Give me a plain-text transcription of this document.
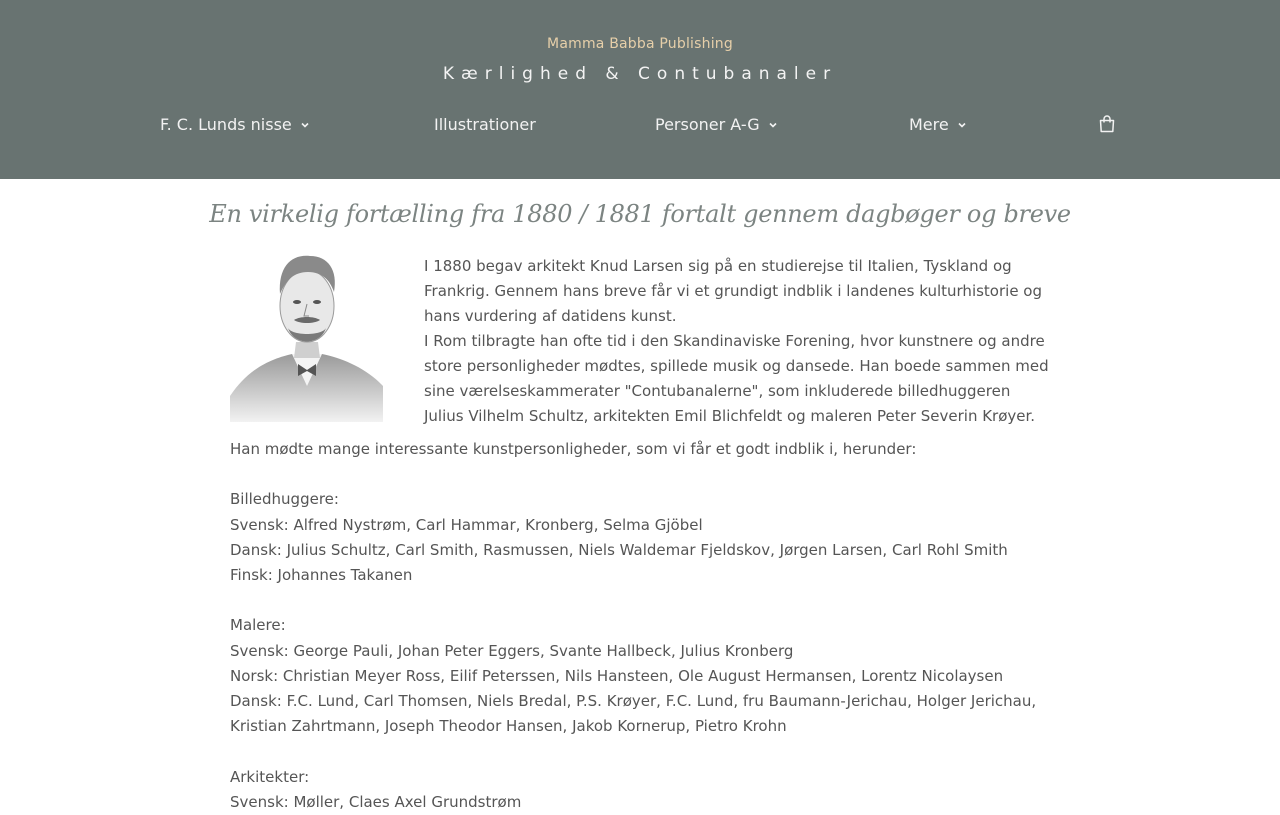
Mamma Babba Publishing
Kærlighed & Contubanaler
F. C. Lunds nisse	Illustrationer	Personer A-G	Mere
En virkelig fortælling fra 1880 / 1881 fortalt gennem dagbøger og breve

I 1880 begav arkitekt Knud Larsen sig på en studierejse til Italien, Tyskland og Frankrig. Gennem hans breve får vi et grundigt indblik i landenes kulturhistorie og hans vurdering af datidens kunst.

I Rom tilbragte han ofte tid i den Skandinaviske Forening, hvor kunstnere og andre store personligheder mødtes, spillede musik og dansede. Han boede sammen med sine værelseskammerater "Contubanalerne", som inkluderede billedhuggeren Julius Vilhelm Schultz, arkitekten Emil Blichfeldt og maleren Peter Severin Krøyer.

Han mødte mange interessante kunstpersonligheder, som vi får et godt indblik i, herunder:
Billedhuggere:
Svensk: Alfred Nystrøm, Carl Hammar, Kronberg, Selma Gjöbel
Dansk: Julius Schultz, Carl Smith, Rasmussen, Niels Waldemar Fjeldskov, Jørgen Larsen, Carl Rohl Smith
Finsk: Johannes Takanen
Malere:
Svensk: George Pauli, Johan Peter Eggers, Svante Hallbeck, Julius Kronberg
Norsk: Christian Meyer Ross, Eilif Peterssen, Nils Hansteen, Ole August Hermansen, Lorentz Nicolaysen
Dansk: F.C. Lund, Carl Thomsen, Niels Bredal, P.S. Krøyer, F.C. Lund, fru Baumann-Jerichau, Holger Jerichau,
Kristian Zahrtmann, Joseph Theodor Hansen, Jakob Kornerup, Pietro Krohn
Arkitekter:
Svensk: Møller, Claes Axel Grundstrøm
